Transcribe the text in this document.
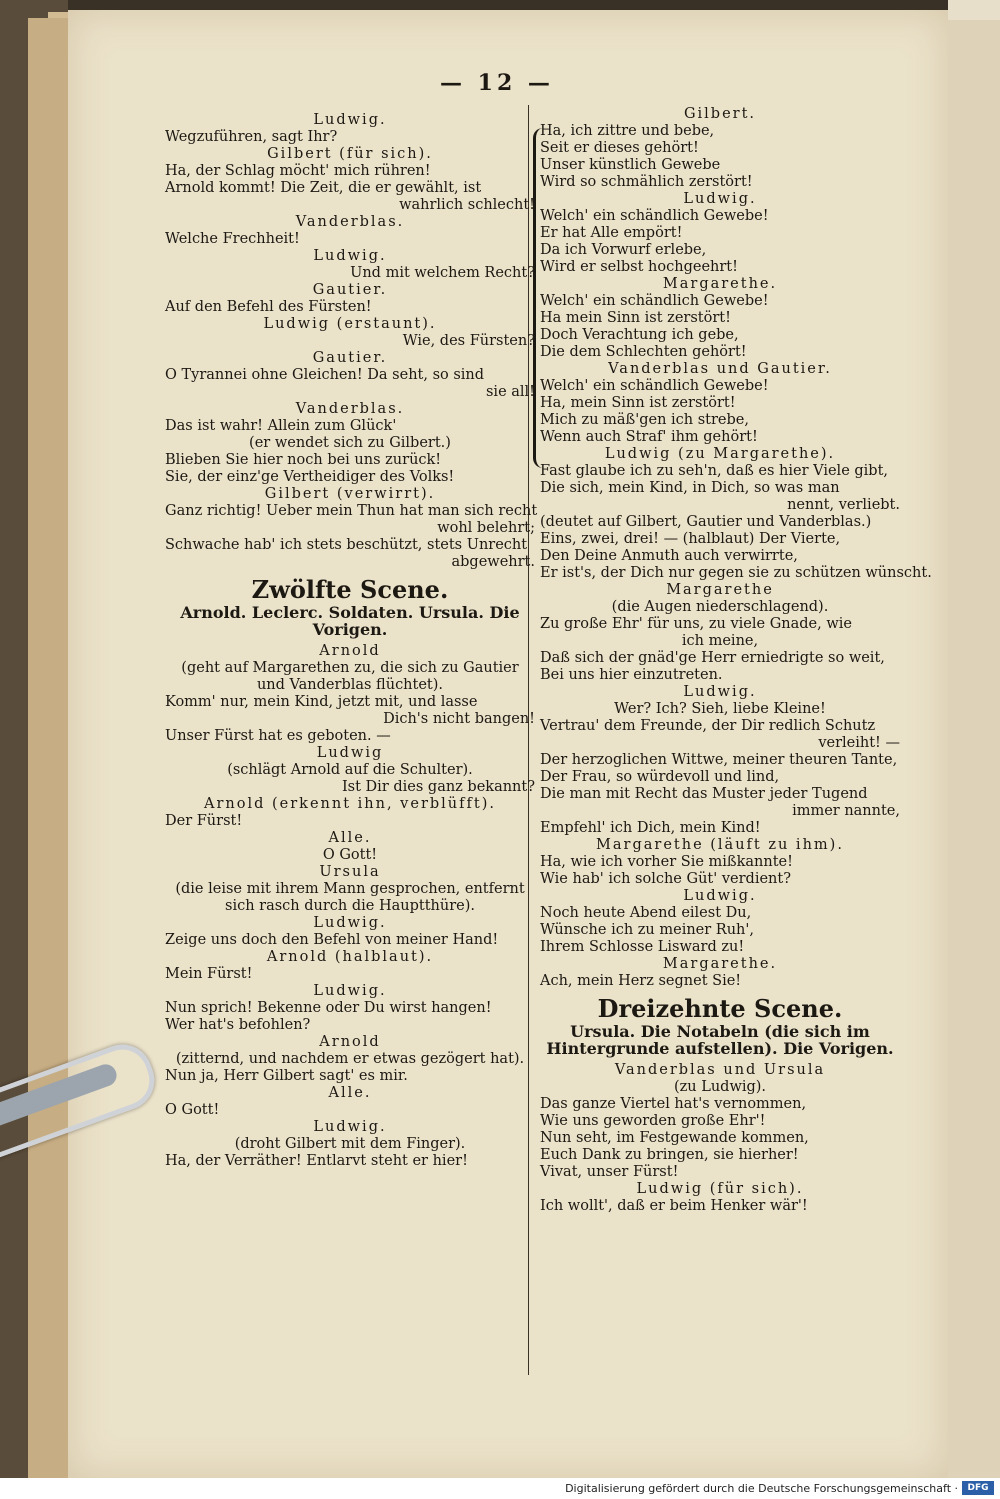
— 12 —

Ludwig.

Wegzuführen, sagt Ihr?

Gilbert (für sich).

Ha, der Schlag möcht' mich rühren!

Arnold kommt! Die Zeit, die er gewählt, ist

wahrlich schlecht!

Vanderblas.

Welche Frechheit!

Ludwig.

Und mit welchem Recht?

Gautier.

Auf den Befehl des Fürsten!

Ludwig (erstaunt).

Wie, des Fürsten?

Gautier.

O Tyrannei ohne Gleichen! Da seht, so sind

sie all!

Vanderblas.

Das ist wahr! Allein zum Glück'

(er wendet sich zu Gilbert.)

Blieben Sie hier noch bei uns zurück!

Sie, der einz'ge Vertheidiger des Volks!

Gilbert (verwirrt).

Ganz richtig! Ueber mein Thun hat man sich recht

wohl belehrt;

Schwache hab' ich stets beschützt, stets Unrecht

abgewehrt.

Zwölfte Scene.

Arnold. Leclerc. Soldaten. Ursula. Die Vorigen.

Arnold

(geht auf Margarethen zu, die sich zu Gautier

und Vanderblas flüchtet).

Komm' nur, mein Kind, jetzt mit, und lasse

Dich's nicht bangen!

Unser Fürst hat es geboten. —

Ludwig

(schlägt Arnold auf die Schulter).

Ist Dir dies ganz bekannt?

Arnold (erkennt ihn, verblüfft).

Der Fürst!

Alle.

O Gott!

Ursula

(die leise mit ihrem Mann gesprochen, entfernt

sich rasch durch die Hauptthüre).

Ludwig.

Zeige uns doch den Befehl von meiner Hand!

Arnold (halblaut).

Mein Fürst!

Ludwig.

Nun sprich! Bekenne oder Du wirst hangen!

Wer hat's befohlen?

Arnold

(zitternd, und nachdem er etwas gezögert hat).

Nun ja, Herr Gilbert sagt' es mir.

Alle.

O Gott!

Ludwig.

(droht Gilbert mit dem Finger).

Ha, der Verräther! Entlarvt steht er hier!

Gilbert.

Ha, ich zittre und bebe,

Seit er dieses gehört!

Unser künstlich Gewebe

Wird so schmählich zerstört!

Ludwig.

Welch' ein schändlich Gewebe!

Er hat Alle empört!

Da ich Vorwurf erlebe,

Wird er selbst hochgeehrt!

Margarethe.

Welch' ein schändlich Gewebe!

Ha mein Sinn ist zerstört!

Doch Verachtung ich gebe,

Die dem Schlechten gehört!

Vanderblas und Gautier.

Welch' ein schändlich Gewebe!

Ha, mein Sinn ist zerstört!

Mich zu mäß'gen ich strebe,

Wenn auch Straf' ihm gehört!

Ludwig (zu Margarethe).

Fast glaube ich zu seh'n, daß es hier Viele gibt,

Die sich, mein Kind, in Dich, so was man

nennt, verliebt.

(deutet auf Gilbert, Gautier und Vanderblas.)

Eins, zwei, drei! — (halblaut) Der Vierte,

Den Deine Anmuth auch verwirrte,

Er ist's, der Dich nur gegen sie zu schützen wünscht.

Margarethe

(die Augen niederschlagend).

Zu große Ehr' für uns, zu viele Gnade, wie

ich meine,

Daß sich der gnäd'ge Herr erniedrigte so weit,

Bei uns hier einzutreten.

Ludwig.

Wer? Ich? Sieh, liebe Kleine!

Vertrau' dem Freunde, der Dir redlich Schutz

verleiht! —

Der herzoglichen Wittwe, meiner theuren Tante,

Der Frau, so würdevoll und lind,

Die man mit Recht das Muster jeder Tugend

immer nannte,

Empfehl' ich Dich, mein Kind!

Margarethe (läuft zu ihm).

Ha, wie ich vorher Sie mißkannte!

Wie hab' ich solche Güt' verdient?

Ludwig.

Noch heute Abend eilest Du,

Wünsche ich zu meiner Ruh',

Ihrem Schlosse Lisward zu!

Margarethe.

Ach, mein Herz segnet Sie!

Dreizehnte Scene.

Ursula. Die Notabeln (die sich im Hintergrunde aufstellen). Die Vorigen.

Vanderblas und Ursula

(zu Ludwig).

Das ganze Viertel hat's vernommen,

Wie uns geworden große Ehr'!

Nun seht, im Festgewande kommen,

Euch Dank zu bringen, sie hierher!

Vivat, unser Fürst!

Ludwig (für sich).

Ich wollt', daß er beim Henker wär'!

Digitalisierung gefördert durch die Deutsche Forschungsgemeinschaft ·	DFG
